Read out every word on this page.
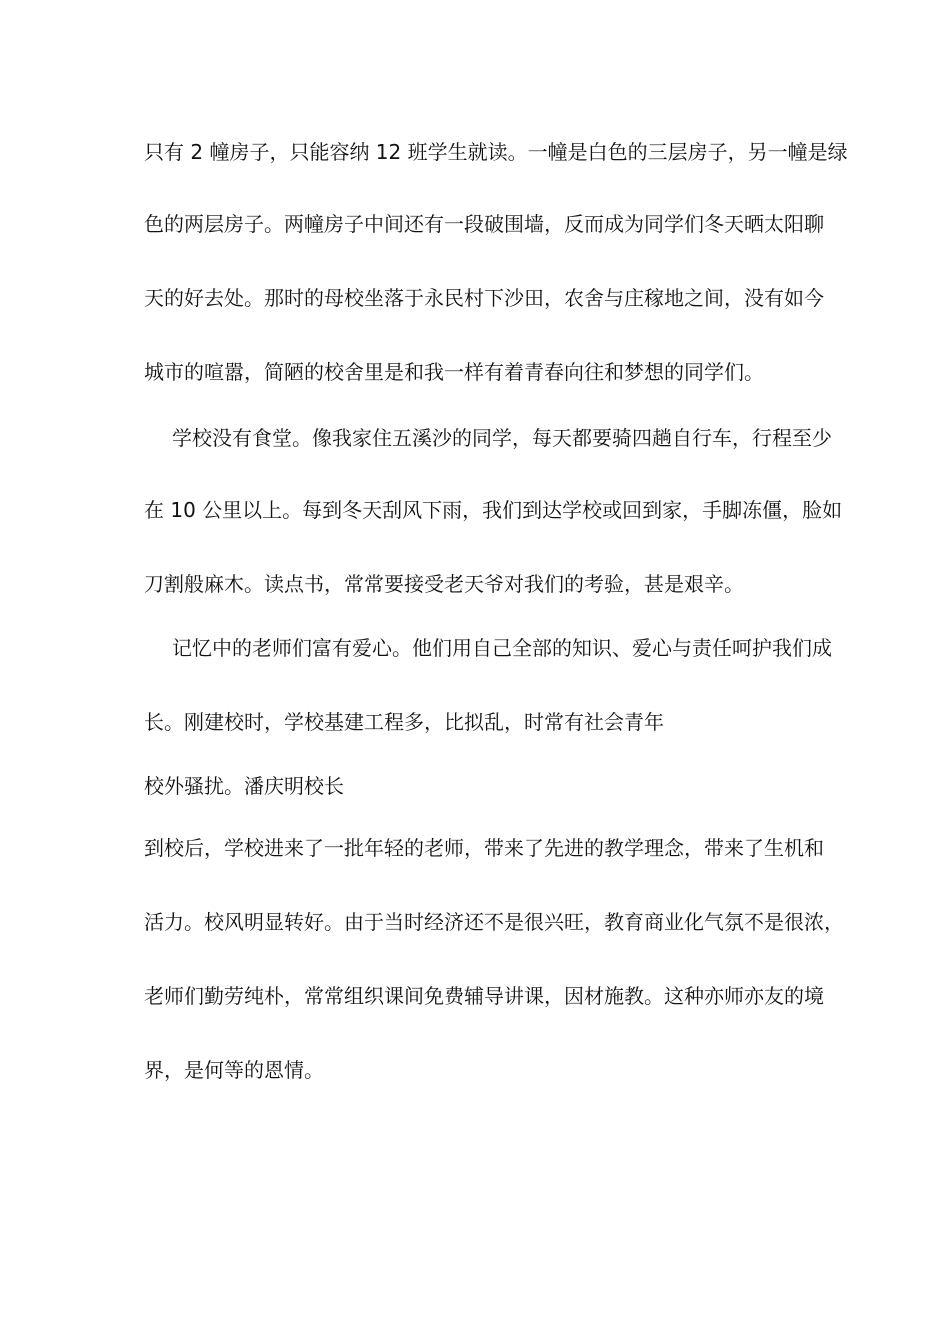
只有 2 幢房子，只能容纳 12 班学生就读。一幢是白色的三层房子，另一幢是绿
色的两层房子。两幢房子中间还有一段破围墙，反而成为同学们冬天晒太阳聊
天的好去处。那时的母校坐落于永民村下沙田，农舍与庄稼地之间，没有如今
城市的喧嚣，简陋的校舍里是和我一样有着青春向往和梦想的同学们。
学校没有食堂。像我家住五溪沙的同学，每天都要骑四趟自行车，行程至少
在 10 公里以上。每到冬天刮风下雨，我们到达学校或回到家，手脚冻僵，脸如
刀割般麻木。读点书，常常要接受老天爷对我们的考验，甚是艰辛。
记忆中的老师们富有爱心。他们用自己全部的知识、爱心与责任呵护我们成
长。刚建校时，学校基建工程多，比拟乱，时常有社会青年
校外骚扰。潘庆明校长
到校后，学校进来了一批年轻的老师，带来了先进的教学理念，带来了生机和
活力。校风明显转好。由于当时经济还不是很兴旺，教育商业化气氛不是很浓，
老师们勤劳纯朴，常常组织课间免费辅导讲课，因材施教。这种亦师亦友的境
界，是何等的恩情。
